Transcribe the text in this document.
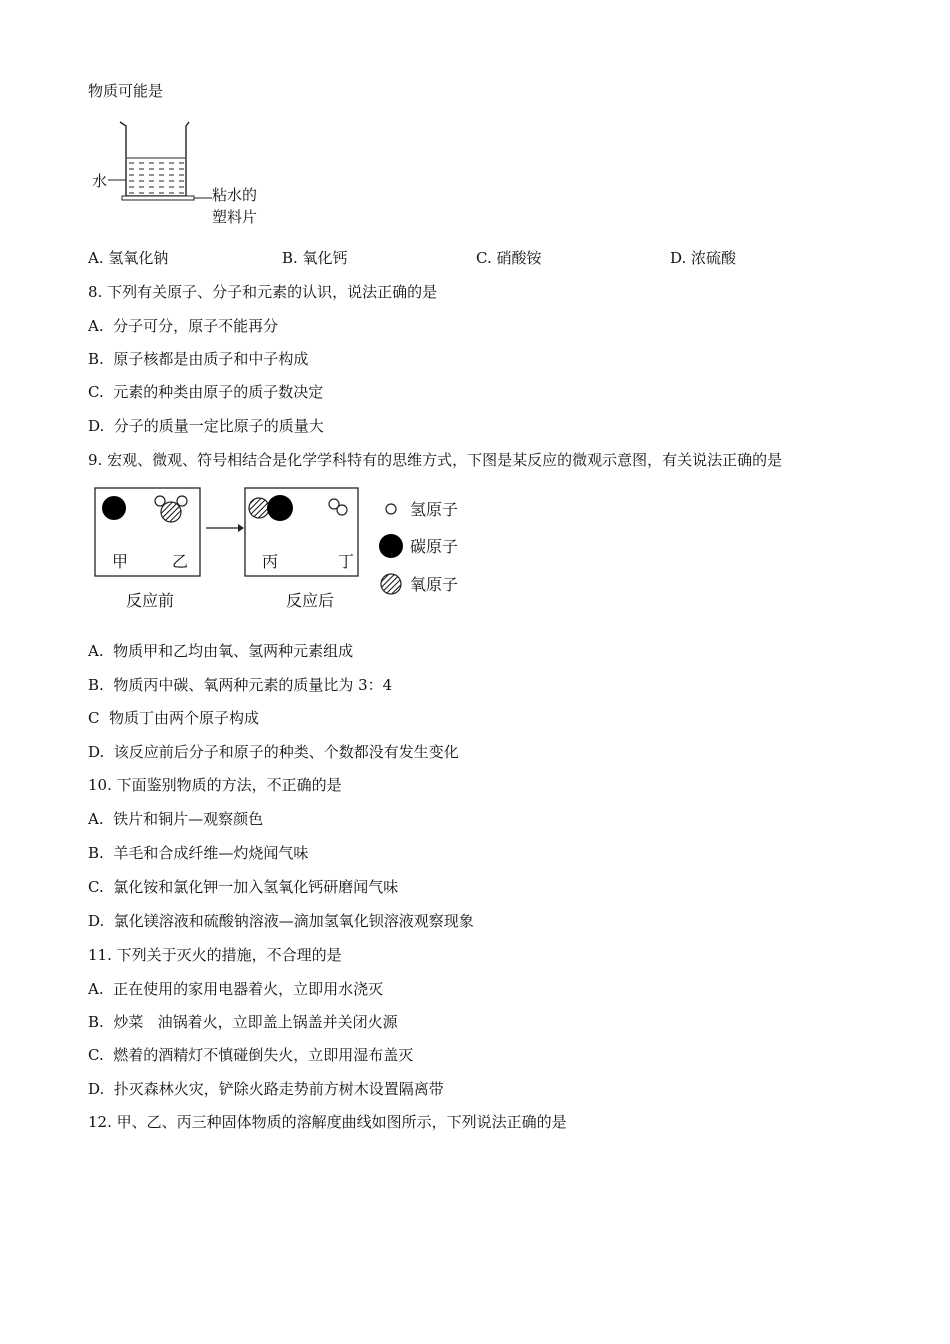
物质可能是
水
粘水的
塑料片
A. 氢氧化钠	B. 氧化钙	C. 硝酸铵	D. 浓硫酸
8. 下列有关原子、分子和元素的认识，说法正确的是
A.  分子可分，原子不能再分
B.  原子核都是由质子和中子构成
C.  元素的种类由原子的质子数决定
D.  分子的质量一定比原子的质量大
9. 宏观、微观、符号相结合是化学学科特有的思维方式，下图是某反应的微观示意图，有关说法正确的是
甲	乙	丙	丁
反应前	反应后
氢原子
碳原子
氧原子
A.  物质甲和乙均由氧、氢两种元素组成
B.  物质丙中碳、氧两种元素的质量比为 3：4
C  物质丁由两个原子构成
D.  该反应前后分子和原子的种类、个数都没有发生变化
10. 下面鉴别物质的方法，不正确的是
A.  铁片和铜片—观察颜色
B.  羊毛和合成纤维—灼烧闻气味
C.  氯化铵和氯化钾一加入氢氧化钙研磨闻气味
D.  氯化镁溶液和硫酸钠溶液—滴加氢氧化钡溶液观察现象
11. 下列关于灭火的措施，不合理的是
A.  正在使用的家用电器着火，立即用水浇灭
B.  炒菜   油锅着火，立即盖上锅盖并关闭火源
C.  燃着的酒精灯不慎碰倒失火，立即用湿布盖灭
D.  扑灭森林火灾，铲除火路走势前方树木设置隔离带
12. 甲、乙、丙三种固体物质的溶解度曲线如图所示，下列说法正确的是
